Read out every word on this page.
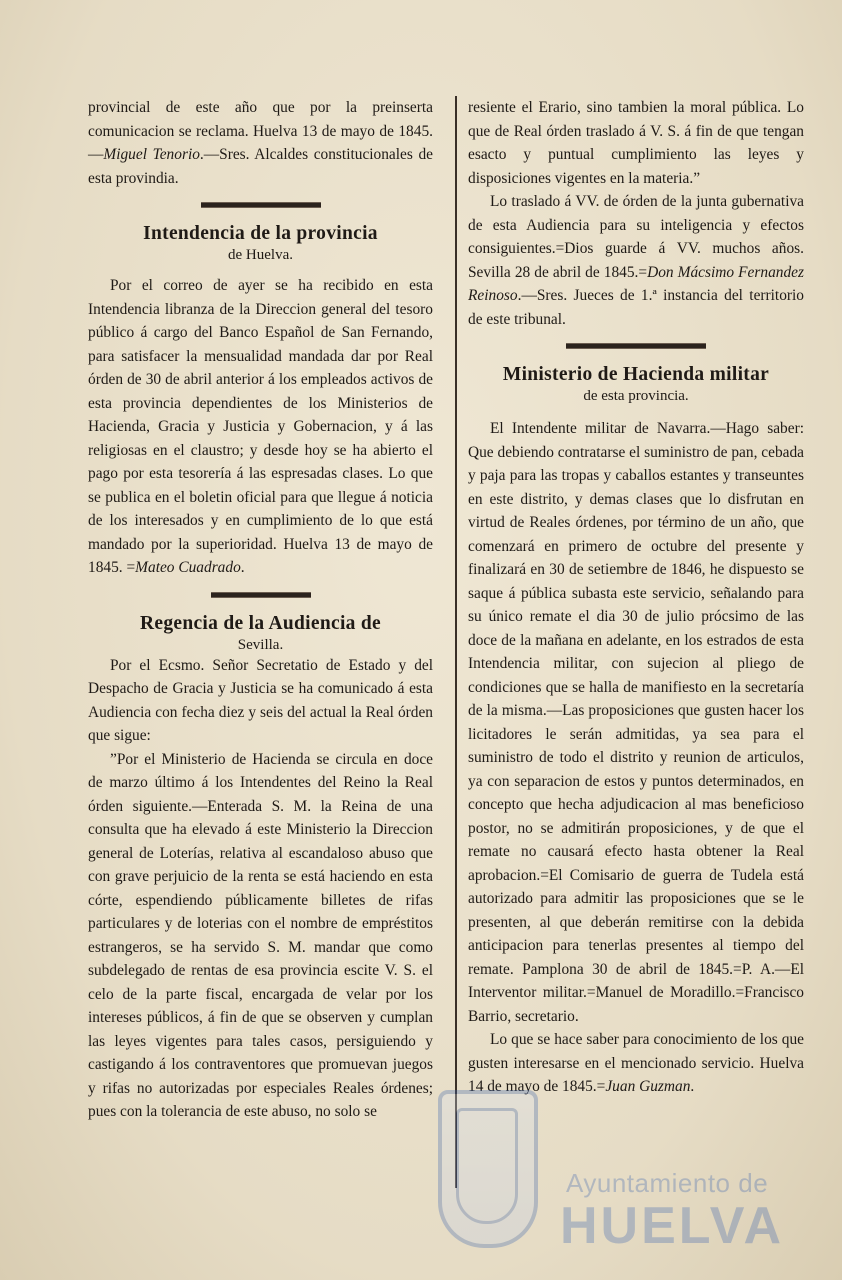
provincial de este año que por la preinserta comunicacion se reclama. Huelva 13 de mayo de 1845.—Miguel Tenorio.—Sres. Alcaldes constitucionales de esta provindia.

Intendencia de la provincia
de Huelva.

Por el correo de ayer se ha recibido en esta Intendencia libranza de la Direccion general del tesoro público á cargo del Banco Español de San Fernando, para satisfacer la mensualidad mandada dar por Real órden de 30 de abril anterior á los empleados activos de esta provincia dependientes de los Ministerios de Hacienda, Gracia y Justicia y Gobernacion, y á las religiosas en el claustro; y desde hoy se ha abierto el pago por esta tesorería á las espresadas clases. Lo que se publica en el boletin oficial para que llegue á noticia de los interesados y en cumplimiento de lo que está mandado por la superioridad. Huelva 13 de mayo de 1845. =Mateo Cuadrado.

Regencia de la Audiencia de
Sevilla.

Por el Ecsmo. Señor Secretatio de Estado y del Despacho de Gracia y Justicia se ha comunicado á esta Audiencia con fecha diez y seis del actual la Real órden que sigue:

”Por el Ministerio de Hacienda se circula en doce de marzo último á los Intendentes del Reino la Real órden siguiente.—Enterada S. M. la Reina de una consulta que ha elevado á este Ministerio la Direccion general de Loterías, relativa al escandaloso abuso que con grave perjuicio de la renta se está haciendo en esta córte, espendiendo públicamente billetes de rifas particulares y de loterias con el nombre de empréstitos estrangeros, se ha servido S. M. mandar que como subdelegado de rentas de esa provincia escite V. S. el celo de la parte fiscal, encargada de velar por los intereses públicos, á fin de que se observen y cumplan las leyes vigentes para tales casos, persiguiendo y castigando á los contraventores que promuevan juegos y rifas no autorizadas por especiales Reales órdenes; pues con la tolerancia de este abuso, no solo se

resiente el Erario, sino tambien la moral pública. Lo que de Real órden traslado á V. S. á fin de que tengan esacto y puntual cumplimiento las leyes y disposiciones vigentes en la materia.”

Lo traslado á VV. de órden de la junta gubernativa de esta Audiencia para su inteligencia y efectos consiguientes.=Dios guarde á VV. muchos años. Sevilla 28 de abril de 1845.=Don Mácsimo Fernandez Reinoso.—Sres. Jueces de 1.ª instancia del territorio de este tribunal.

Ministerio de Hacienda militar
de esta provincia.

El Intendente militar de Navarra.—Hago saber: Que debiendo contratarse el suministro de pan, cebada y paja para las tropas y caballos estantes y transeuntes en este distrito, y demas clases que lo disfrutan en virtud de Reales órdenes, por término de un año, que comenzará en primero de octubre del presente y finalizará en 30 de setiembre de 1846, he dispuesto se saque á pública subasta este servicio, señalando para su único remate el dia 30 de julio prócsimo de las doce de la mañana en adelante, en los estrados de esta Intendencia militar, con sujecion al pliego de condiciones que se halla de manifiesto en la secretaría de la misma.—Las proposiciones que gusten hacer los licitadores le serán admitidas, ya sea para el suministro de todo el distrito y reunion de articulos, ya con separacion de estos y puntos determinados, en concepto que hecha adjudicacion al mas beneficioso postor, no se admitirán proposiciones, y de que el remate no causará efecto hasta obtener la Real aprobacion.=El Comisario de guerra de Tudela está autorizado para admitir las proposiciones que se le presenten, al que deberán remitirse con la debida anticipacion para tenerlas presentes al tiempo del remate. Pamplona 30 de abril de 1845.=P. A.—El Interventor militar.=Manuel de Moradillo.=Francisco Barrio, secretario.

Lo que se hace saber para conocimiento de los que gusten interesarse en el mencionado servicio. Huelva 14 de mayo de 1845.=Juan Guzman.

Ayuntamiento de
HUELVA
